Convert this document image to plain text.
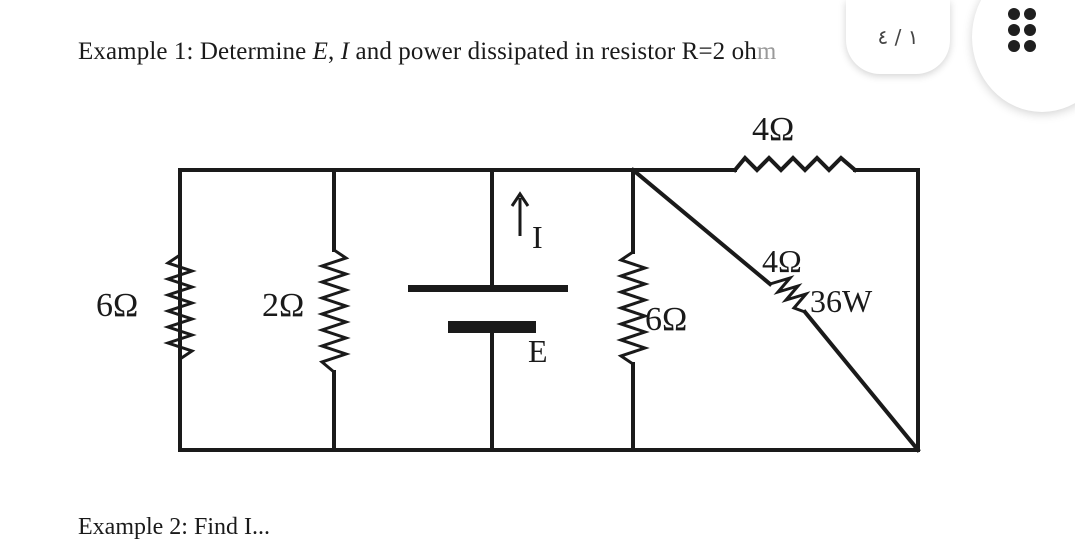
Example 1: Determine E, I and power dissipated in resistor R=2 ohm
١ / ٤
4Ω
6Ω	2Ω	6Ω
4Ω
36W
I
E
Example 2: Find I...
